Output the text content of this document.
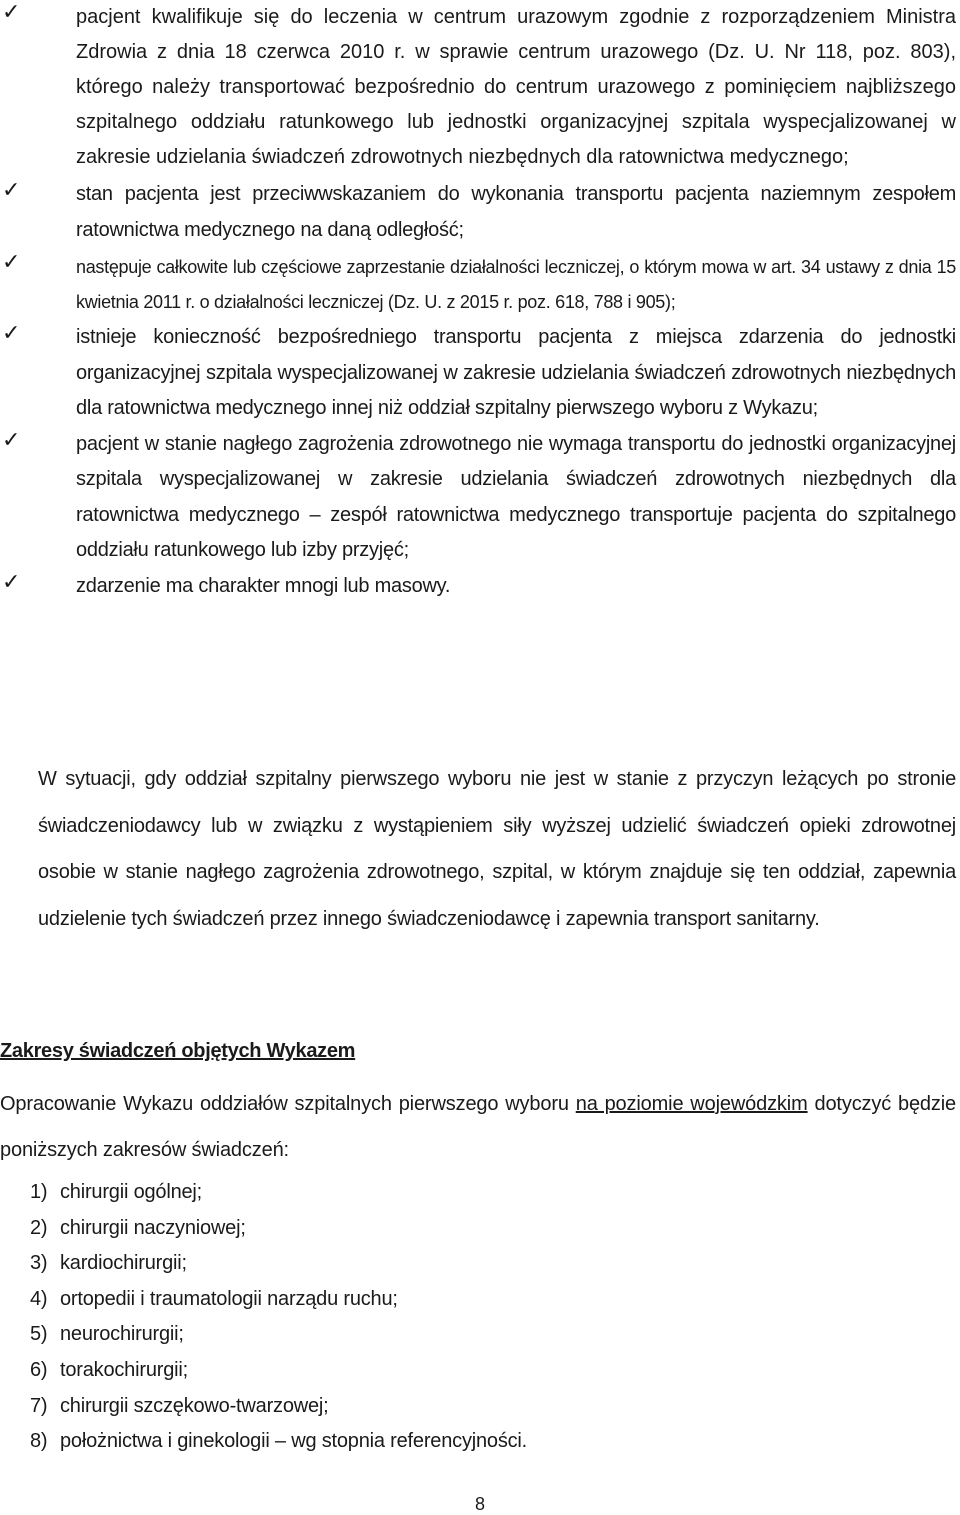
✓	pacjent kwalifikuje się do leczenia w centrum urazowym zgodnie z rozporządzeniem Ministra Zdrowia z dnia 18 czerwca 2010 r. w sprawie centrum urazowego (Dz. U. Nr 118, poz. 803), którego należy transportować bezpośrednio do centrum urazowego z pominięciem najbliższego szpitalnego oddziału ratunkowego lub jednostki organizacyjnej szpitala wyspecjalizowanej w zakresie udzielania świadczeń zdrowotnych niezbędnych dla ratownictwa medycznego;
✓	stan pacjenta jest przeciwwskazaniem do wykonania transportu pacjenta naziemnym zespołem ratownictwa medycznego na daną odległość;
✓	następuje całkowite lub częściowe zaprzestanie działalności leczniczej, o którym mowa w art. 34 ustawy z dnia 15 kwietnia 2011 r. o działalności leczniczej (Dz. U. z 2015 r. poz. 618, 788 i 905);
✓	istnieje konieczność bezpośredniego transportu pacjenta z miejsca zdarzenia do jednostki organizacyjnej szpitala wyspecjalizowanej w zakresie udzielania świadczeń zdrowotnych niezbędnych dla ratownictwa medycznego innej niż oddział szpitalny pierwszego wyboru z Wykazu;
✓	pacjent w stanie nagłego zagrożenia zdrowotnego nie wymaga transportu do jednostki organizacyjnej szpitala wyspecjalizowanej w zakresie udzielania świadczeń zdrowotnych niezbędnych dla ratownictwa medycznego – zespół ratownictwa medycznego transportuje pacjenta do szpitalnego oddziału ratunkowego lub izby przyjęć;
✓	zdarzenie ma charakter mnogi lub masowy.

W sytuacji, gdy oddział szpitalny pierwszego wyboru nie jest w stanie z przyczyn leżących po stronie świadczeniodawcy lub w związku z wystąpieniem siły wyższej udzielić świadczeń opieki zdrowotnej osobie w stanie nagłego zagrożenia zdrowotnego, szpital, w którym znajduje się ten oddział, zapewnia udzielenie tych świadczeń przez innego świadczeniodawcę i zapewnia transport sanitarny.

Zakresy świadczeń objętych Wykazem

Opracowanie Wykazu oddziałów szpitalnych pierwszego wyboru na poziomie wojewódzkim dotyczyć będzie poniższych zakresów świadczeń:

1) chirurgii ogólnej;
2) chirurgii naczyniowej;
3) kardiochirurgii;
4) ortopedii i traumatologii narządu ruchu;
5) neurochirurgii;
6) torakochirurgii;
7) chirurgii szczękowo-twarzowej;
8) położnictwa i ginekologii – wg stopnia referencyjności.
8
